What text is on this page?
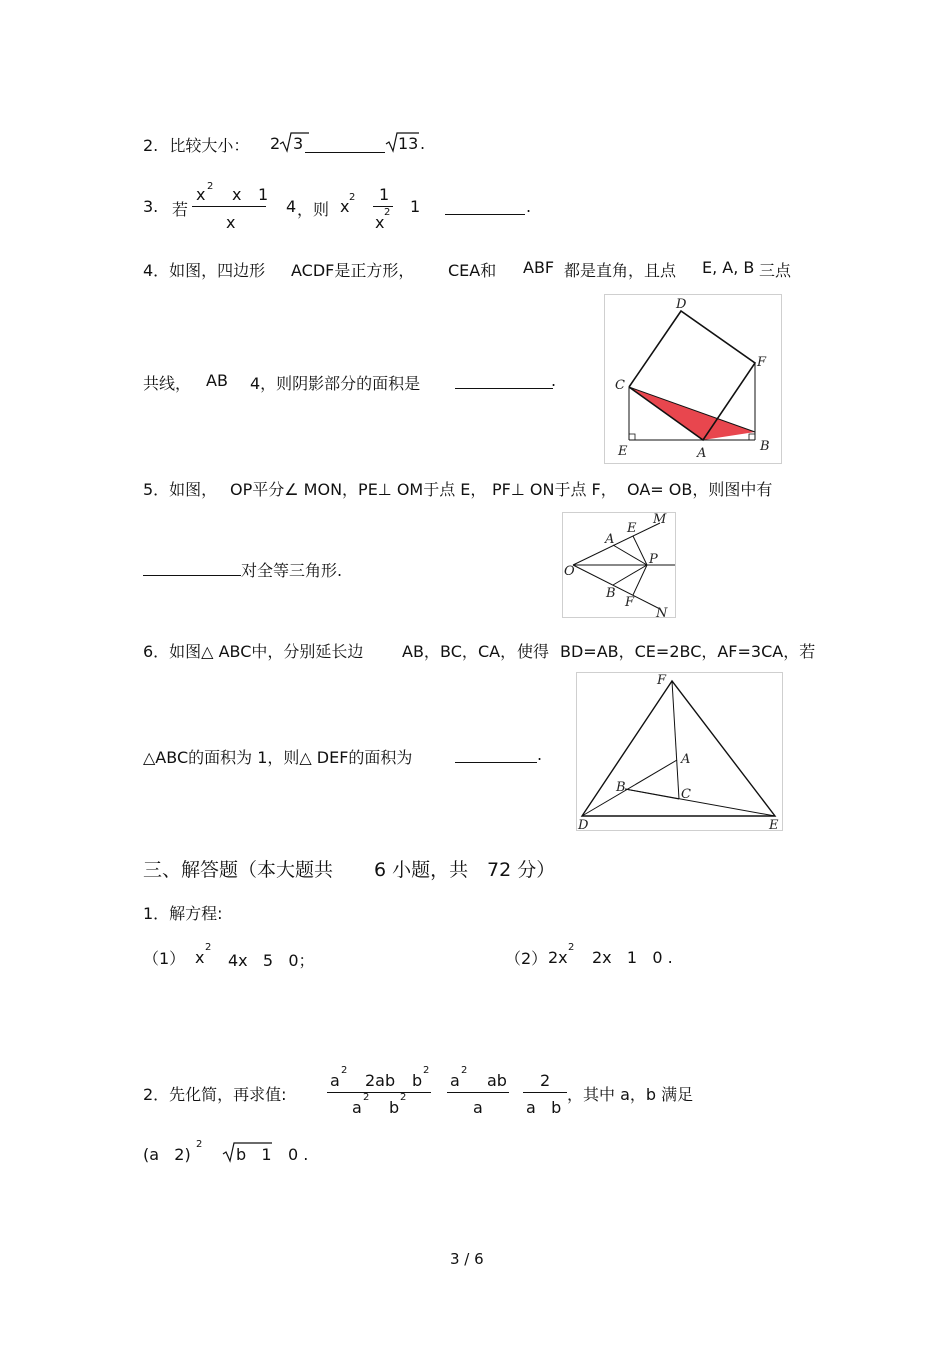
2. 比较大小： 2 3	13 .
3. 若
x 2 x 1
x
4 ，则 x 2 1
x
2 1	.
4．如图，四边形 ACDF是正方形， CEA和 ABF 都是直角，且点 E, A, B 三点
共线， AB 4，则阴影部分的面积是	.
D
F
C
E	A	B
5．如图， OP平分∠ MON，PE⊥ OM于点 E， PF⊥ ON于点 F， OA= OB，则图中有
对全等三角形.	O
A
E
M
P
B
F
N
6．如图△ ABC中，分别延长边 AB， BC， CA， 使得 BD=AB，CE=2BC，AF=3CA，若
△ABC的面积为 1，则△ DEF的面积为	.
F
A
B	C
D	E
三、解答题（本大题共 6 小题，共 72 分）
1．解方程:
（1） x
2
4x   5   0；	（2） 2x
2
2x   1   0 .
2．先化简，再求值:
a
2
2ab b
2
a
2
b
2
a
2
ab
a
2
a   b
，其中 a，b 满足
(a   2)
2
b   1 0 .
3 / 6
